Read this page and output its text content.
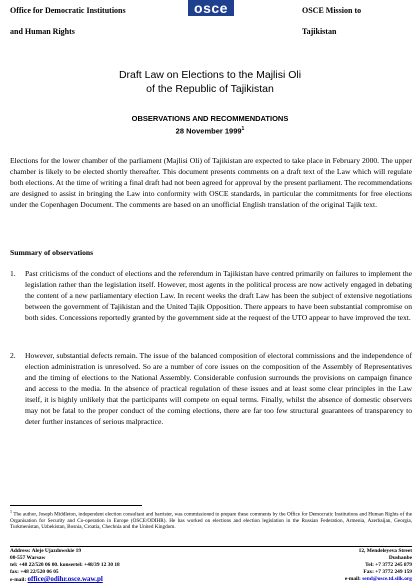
osce
Office for Democratic Institutions
and Human Rights
OSCE Mission to
Tajikistan
Draft Law on Elections to the Majlisi Oli
of the Republic of Tajikistan
OBSERVATIONS AND RECOMMENDATIONS
28 November 1999$^1$
Elections for the lower chamber of the parliament (Majlisi Oli) of Tajikistan are expected to take place in February 2000. The upper chamber is likely to be elected shortly thereafter. This document presents comments on a draft text of the Law which will regulate both elections. At the time of writing a final draft had not been agreed for approval by the present parliament. The recommendations are designed to assist in bringing the Law into conformity with OSCE standards, in particular the commitments for free elections under the Copenhagen Document. The comments are based on an unofficial English translation of the original Tajik text.
Summary of observations
1. Past criticisms of the conduct of elections and the referendum in Tajikistan have centred primarily on failures to implement the legislation rather than the legislation itself. However, most agents in the political process are now actively engaged in debating the content of a new parliamentary election Law. In recent weeks the draft Law has been the subject of extensive negotiations between the government of Tajikistan and the United Tajik Opposition. There appears to have been substantial compromise on both sides. Concessions reportedly granted by the government side at the request of the UTO appear to have improved the text.
2. However, substantial defects remain. The issue of the balanced composition of electoral commissions and the independence of election administration is unresolved. So are a number of core issues on the composition of the Assembly of Representatives and the timing of elections to the National Assembly. Considerable confusion surrounds the provisions on campaign finance and access to the media. In the absence of practical regulation of these issues and at least some clear principles in the Law itself, it is highly unlikely that the participants will compete on equal terms. Finally, whilst the absence of domestic observers may not be fatal to the proper conduct of the coming elections, there are far too few structural guarantees of transparency to deter further instances of serious malpractice.
$^1$ The author, Joseph Middleton, independent election consultant and barrister, was commissioned to prepare these comments by the Office for Democratic Institutions and Human Rights of the Organisation for Security and Co-operation in Europe (OSCE/ODIHR). He has worked on elections and election legislation in the Russian Federation, Armenia, Azerbaijan, Georgia, Turkmenistan, Uzbekistan, Bosnia, Croatia, Chechnia and the United Kingdom.
Address: Aleje Ujazdowskie 19
00-557 Warsaw
tel: +48 22/520 06 00. konsertel: +48/39 12 30 18
fax: +48 22/520 06 05
e-mail: office@odihr.osce.waw.pl
12, Mendeleyeva Street
Dushanbe
Tel: +7 3772 245 879
Fax: +7 3772 249 159
e-mail: send@osce.td.silk.org
